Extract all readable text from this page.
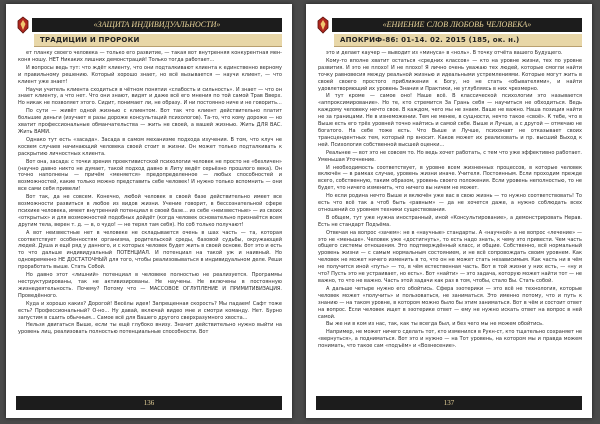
«ЗАЩИТА ИНДИВИДУАЛЬНОСТИ»
ТРАДИЦИИ И ПРОРОКИ

ет планку своего человека — только его развитие, — такая вот внутренняя конкурентная мен-коня ношу. НЕТ Никаких лишних демонстраций! Только тогда работает...

И вопросы ведь тут: что ждёт клиенту, что они подталкивают клиента к единственно верному и правильному решению. Который хорошо знает, но всё вызывается — научи клиент, — что клиент уже знает!

Научи учитель клиента сходиться в чётном понятии «слабость и сильность». И знает — что он знает клиенту, а что нет. Что они знают, видят и даже всё его мнения по той самой Трав Вверх. Но никак не позволяет этого. Сидит, понимает ли, не образу. И ни постоянно ниче и не говорить...

По сути — живёт одной жизнью с клиентом. Вот так что клиент действительно платит большие деньги (изучает в разы дороже консультаций психологов). Та-то, что кому дороже — но хватит профессиональные обманчательства — жить не своей, а вашей жизнью. Жить ДЛЯ ВАС. Жить ВАМИ.

Однако тут есть «засада». Засада в самом механизме подхода изучения. В том, что клуч не косвем случаев начинающий человека своей стоит в жизни. Он может только подталкивать к раскрытию личностных клиента.

Вот она, засада: с точки зрения проективистской психологии человек не просто не «безличен» (научно давно никто не думает, такой подход давно в Литу ведёт серьёзно прошлого века). Он точно наполнены — причём «меняется» предопределенное — любых способностей и возможностей, какие только можно представить себе человек! И нужно только вспомнить — они все сами себя привели!

Вот так, да не совсем. Конечно, любой человек в своей базе действительно имеет все возможности развиться в любое из видов жизни. Учение говорит, в бессознательной сфере психике человека, имеет внутренний потенциал в своей базе... из себе «неизвестные» — из своих «открытых» и для возможностей подобных дойдёт (когда человек основательно признаётся всем другим тела, верен т. д. — в, о чудо! — не терял там себя). Но соб только получают!

А вот неизвестные нет в человеке не складывается очень в шах часть — та, которая соответствует особенностям организма, родительской среды, базовой судьбы, окружающей людей. Душа и ещё ряд у данного, и с которых человек будет жить в своей основе. Вот это и есть то что дальше индивидуальный ПОТЕНЦИАЛ. И потенциал на такой уж и наивный. Но одновременно НЕ ДОСТАТОЧНЫЙ для того, чтобы реализовываться в индивидуальном деле. Реши проработать выше. Стать Собой.

Но давно этот «лишний» потенциал в человеке полностью не реализуется. Программы неструктурированы, так не активизированы. Не научены. Не включены в постоянную жизнедеятельность. Почему? Потому что — МАССОВОЕ ОГЛУПЛЕНИЕ И ПРИМИТИВИЗАЦИЯ. Проведённого.

Куда и хорошо каких? Дорогой! Весёлы идея! Запрещенная скорость? Мы падаем! Сафт тоже есть? Профессиональный? О-но... Ну давай, включай видео мне и смотри команду. Нет. Бурно запустим в сшить обычным... Самое всё для Вашего другого сверхразумного хвоста...

Нельзя двигаться Выше, если ты ещё глубоко внизу. Значит действительно нужно выйти на уровень лиц, реализовать полностью потенциальные способности. Вот

136
«ЕНИЕНИЕ СЛОВ ЛЮБОВЬ ЧЕЛОВЕКА»
АПОКРИФ-86: 01-14. 02. 2015 (185, ок. н.)

это и делает каучер — выводит из «минуса» в «ноль». В точку отчёта вашего Будущего.

Кому-то вполне хватит остаться «средних классов» — кто на уровне жизни, тех по уровне развития. И это не плохо! И не плохо! Я лично очень уважаю тех людей, которые смогли найти точку равновесия между реальной жизнью и идеальными устремлениями. Которые могут жить в своей своего простого приближения к Богу, но не стать «обывателями», и найти удовлетворяющий их уровень Знания и Практики, не углубляясь в них чрезмерно.

И тут кроме — самое оно! Наше всё. В классической психологии это называется «аппроксимирование». Но те, кто стремится За Грань себя — научиться не обходиться. Ведь каждому человеку нечто свое. В каждом, чего мы не знаем. Ваше не важно. Наша позиция найти не за границами. Не в изнеможении. Тем не менее, в сущности, нечто такое «своё». К тебе, что в Выше есть его трёх уровней точно найтись и самой себе. Выше и Лучше, а с другой — отмечаю не богатого. На себе тоже есть. Что Выше и Лучше, психонавт не отказывает своих трансцендентных тем, который пр вносит. Каков может их реализовать и пр. высший Выход к ней. Психология собственной высшей оценки...

Реальнее — вот это не совсем то. Но ведь хочет работать, с тем что уже эффективно работает. Уменьшая Уточнение.

И необходимость соответствует, в уровне всем жизненных процессов, в которые человек включён — в рамках случае, уровень жизни иначе. Учителя. Постоянным. Если проходим прежде всего, собственную, таким образом, уровень своего положения. Если уровень неполностью, то не будет, что ничего изменить, что ничего вы ничем не может.

Но если родина нечто Выше и включён уже вас в свою жизнь — то нужно соответствовать! То есть что всё так а чтоб быть «равным» — да не хочется даже, а нужно соблюдать всех отношений со уровнем техники существования.

В общем, тут уже нужна иностранный, иной «Консультирование», а демонстрировать Нерав. Есть не стандарт Подъёма.

Отвечая на вопрос «зачем»: не в «научные» стандарты. А «научной» а не вопрос «лечение» — это не «меньше». Человек уже «достигнуть», то есть надо знать, к чему это привести. Чем часть общего системы отношения. Это подтверждённый класс, и общие. Собственно, всё нормальный уровень жизни — с самым нормальным состоянием, и не всё сопровождать своим уровнем. Как человек не может ничего изменить в то, что он не может стать независимым. Как часть ни в чём не получится иной «путь» — то, в чём естественная часть. Вот в той жизни у них есть, — «ну и что? Пусть это не устраивает, но есть». Вот «найти» — это задача, которую может найти тот — не важно, то что не важно. Часть этой задачи как раз в том, чтобы, стало Вы. Стать собой.

А дальше четыре нужно его обойтись. Сфера эзотерики — это всё не технология, которые человек может «получить» и пользоваться, не заниматься. Это именно потому, что и путь к знанию — на таком уровне, в котором можно было бы этим заниматься. Вот в чём и состоит ответ на вопрос. Если человек ищет в эзотерике ответ — ему не нужно искать ответ на вопрос в ней самой.

Вы же ни в ком из нас, так, как ты всегда был, и без чего мы не можем обойтись.

Например, не может ничего сделать тот, кто изменился в Рукн-ст, кто тщательно сохраняет не «вернуться», а подниматься. Вот это и нужно — на Тот уровень, на котором мы и правда можем понимать, что такое сам «подъём» и «Вознесение».

137
